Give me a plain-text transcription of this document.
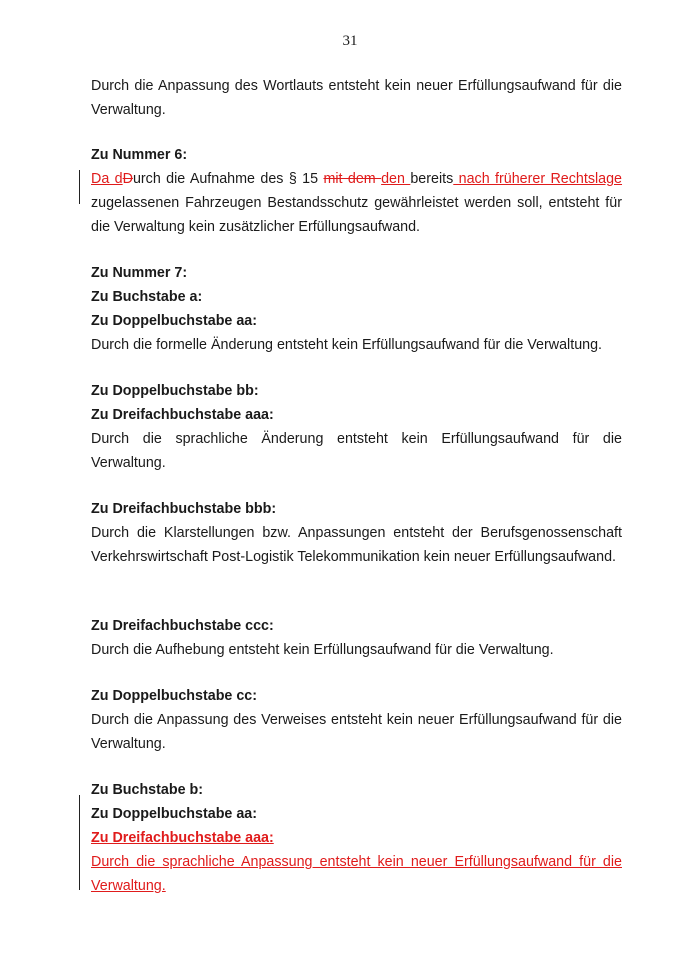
31
Durch die Anpassung des Wortlauts entsteht kein neuer Erfüllungsaufwand für die Verwaltung.
Zu Nummer 6:
Da dDurch die Aufnahme des § 15 mit dem den bereits nach früherer Rechtslage zugelassenen Fahrzeugen Bestandsschutz gewährleistet werden soll, entsteht für die Verwaltung kein zusätzlicher Erfüllungsaufwand.
Zu Nummer 7:
Zu Buchstabe a:
Zu Doppelbuchstabe aa:
Durch die formelle Änderung entsteht kein Erfüllungsaufwand für die Verwaltung.
Zu Doppelbuchstabe bb:
Zu Dreifachbuchstabe aaa:
Durch die sprachliche Änderung entsteht kein Erfüllungsaufwand für die Verwaltung.
Zu Dreifachbuchstabe bbb:
Durch die Klarstellungen bzw. Anpassungen entsteht der Berufsgenossenschaft Verkehrswirtschaft Post-Logistik Telekommunikation kein neuer Erfüllungsaufwand.
Zu Dreifachbuchstabe ccc:
Durch die Aufhebung entsteht kein Erfüllungsaufwand für die Verwaltung.
Zu Doppelbuchstabe cc:
Durch die Anpassung des Verweises entsteht kein neuer Erfüllungsaufwand für die Verwaltung.
Zu Buchstabe b:
Zu Doppelbuchstabe aa:
Zu Dreifachbuchstabe aaa:
Durch die sprachliche Anpassung entsteht kein neuer Erfüllungsaufwand für die Verwaltung.
